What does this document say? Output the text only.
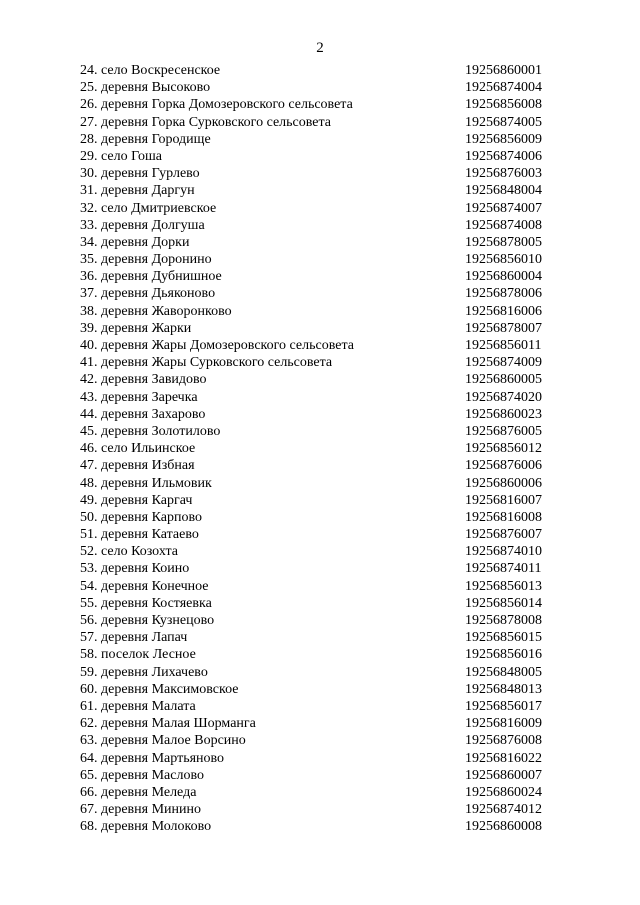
2
24. село Воскресенское	19256860001
25. деревня Высоково	19256874004
26. деревня Горка Домозеровского сельсовета	19256856008
27. деревня Горка Сурковского сельсовета	19256874005
28. деревня Городище	19256856009
29. село Гоша	19256874006
30. деревня Гурлево	19256876003
31. деревня Даргун	19256848004
32. село Дмитриевское	19256874007
33. деревня Долгуша	19256874008
34. деревня Дорки	19256878005
35. деревня Доронино	19256856010
36. деревня Дубнишное	19256860004
37. деревня Дьяконово	19256878006
38. деревня Жаворонково	19256816006
39. деревня Жарки	19256878007
40. деревня Жары Домозеровского сельсовета	19256856011
41. деревня Жары Сурковского сельсовета	19256874009
42. деревня Завидово	19256860005
43. деревня Заречка	19256874020
44. деревня Захарово	19256860023
45. деревня Золотилово	19256876005
46. село Ильинское	19256856012
47. деревня Избная	19256876006
48. деревня Ильмовик	19256860006
49. деревня Каргач	19256816007
50. деревня Карпово	19256816008
51. деревня Катаево	19256876007
52. село Козохта	19256874010
53. деревня Коино	19256874011
54. деревня Конечное	19256856013
55. деревня Костяевка	19256856014
56. деревня Кузнецово	19256878008
57. деревня Лапач	19256856015
58. поселок Лесное	19256856016
59. деревня Лихачево	19256848005
60. деревня Максимовское	19256848013
61. деревня Малата	19256856017
62. деревня Малая Шорманга	19256816009
63. деревня Малое Ворсино	19256876008
64. деревня Мартьяново	19256816022
65. деревня Маслово	19256860007
66. деревня Меледа	19256860024
67. деревня Минино	19256874012
68. деревня Молоково	19256860008
